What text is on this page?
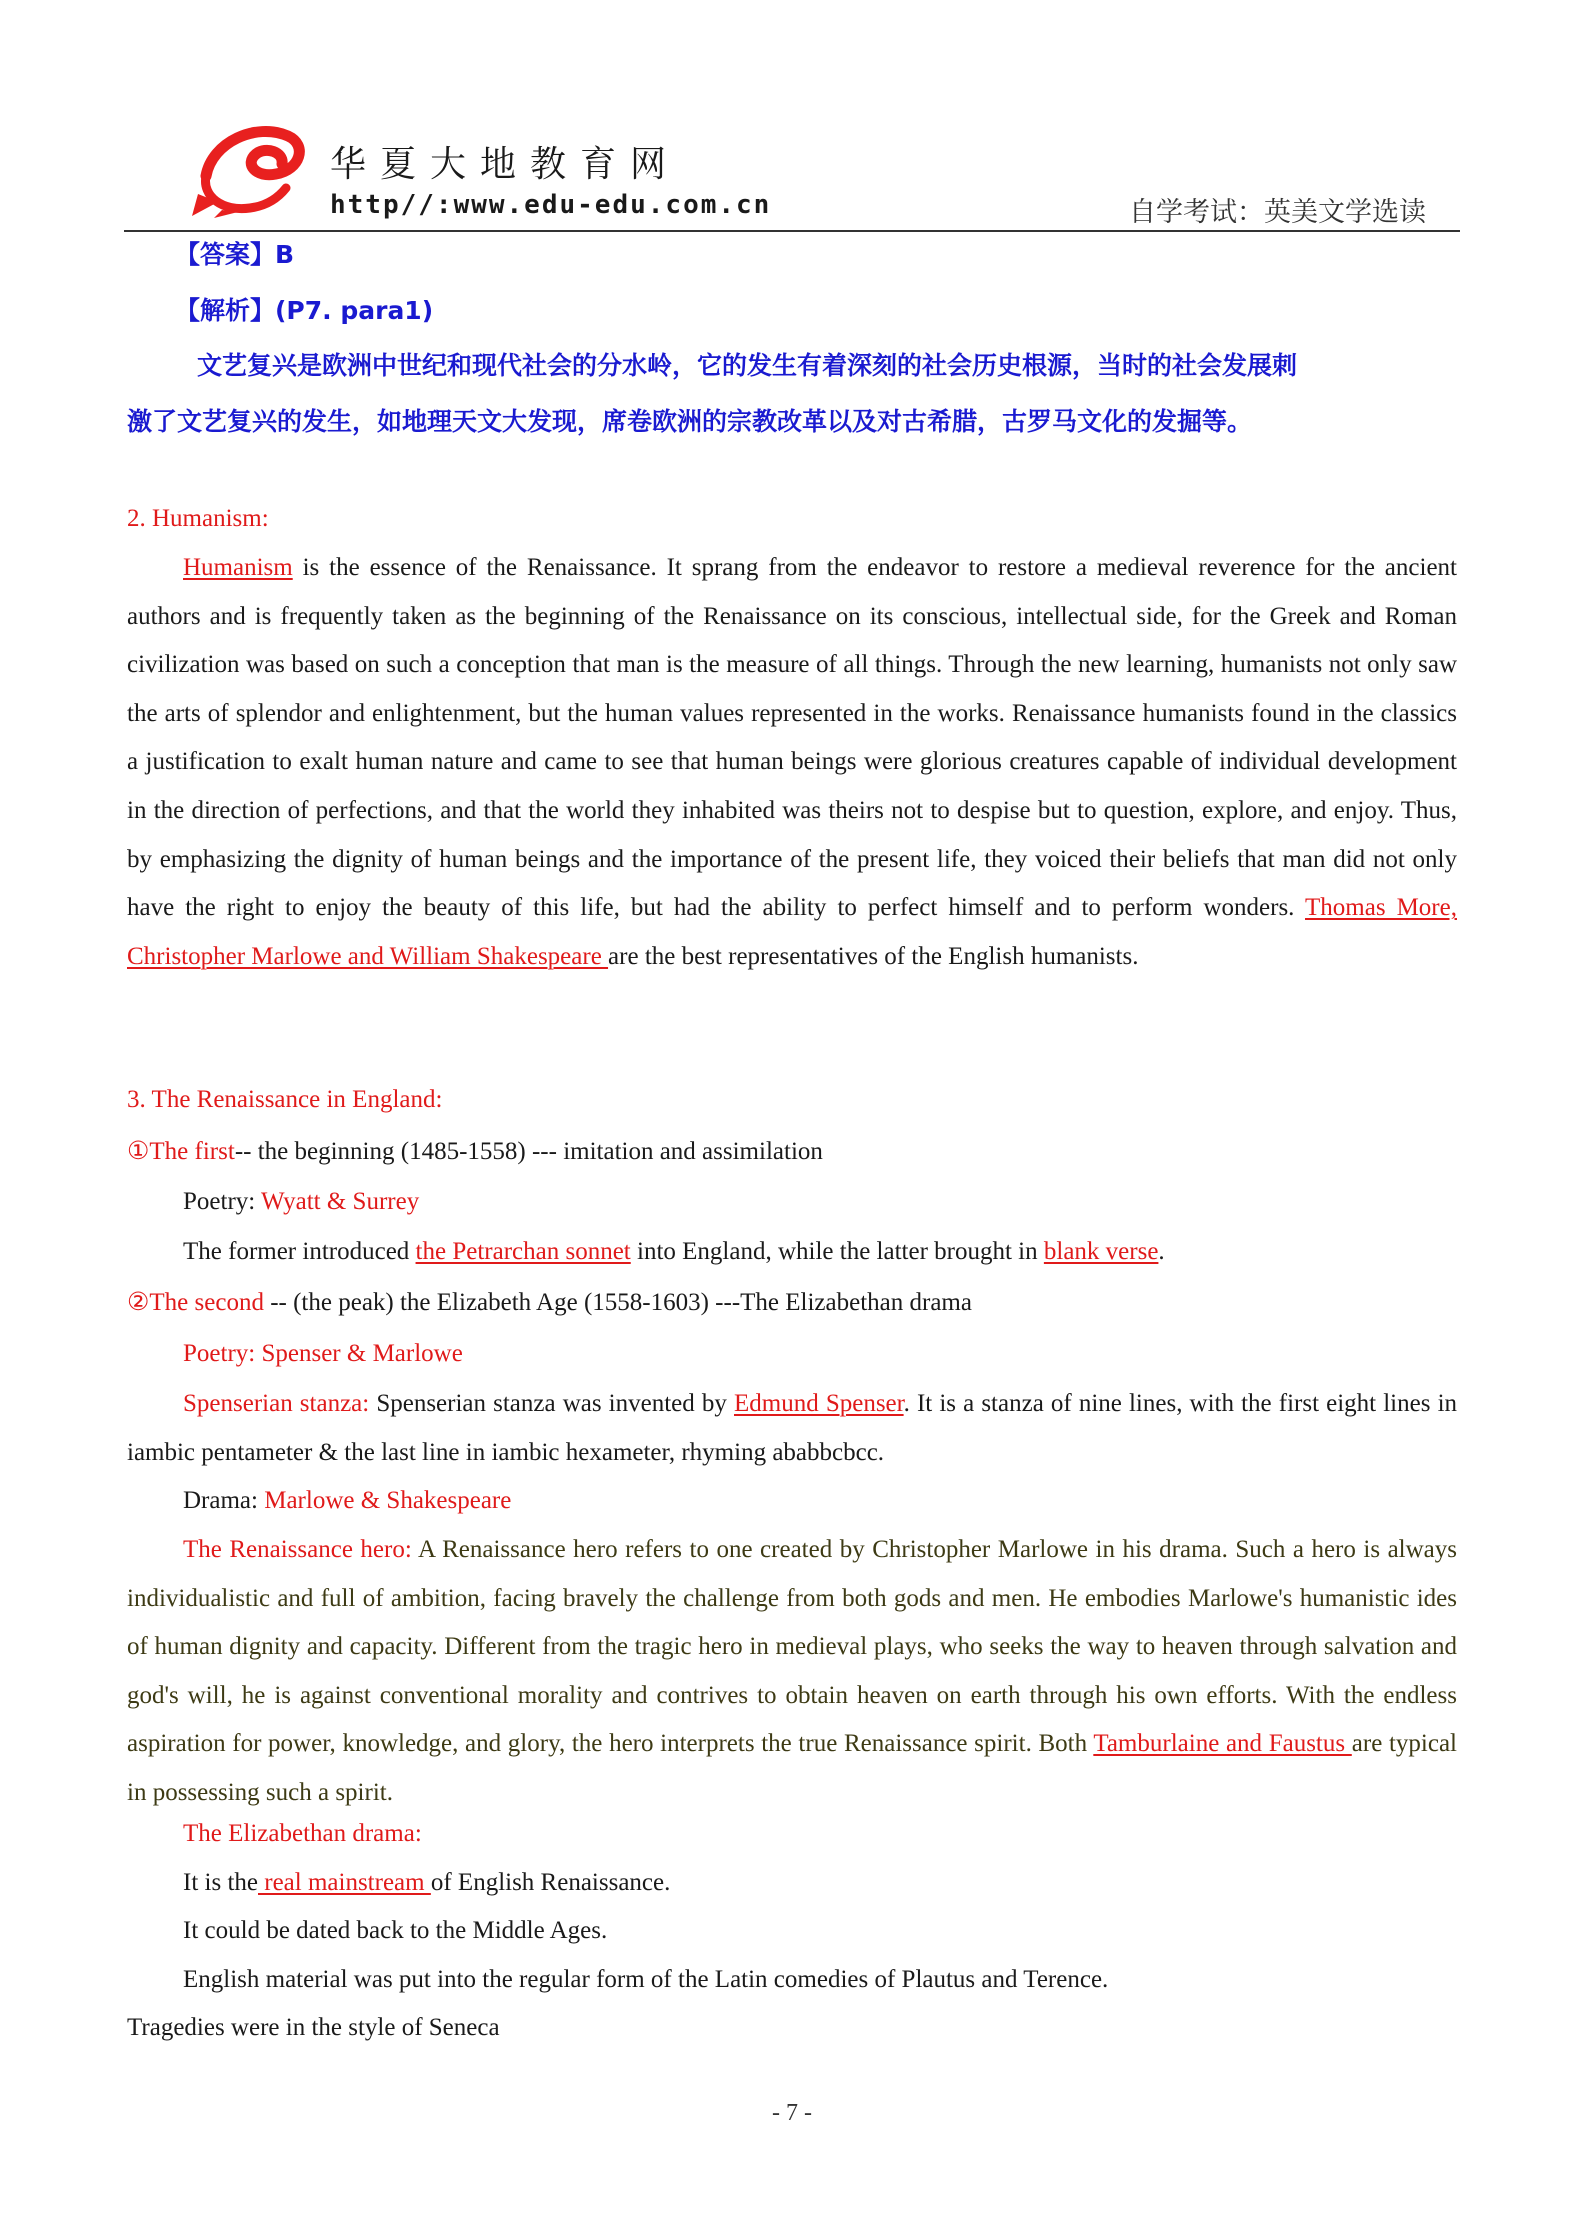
华夏大地教育网
http//:www.edu-edu.com.cn	自学考试：英美文学选读
【答案】B
【解析】(P7. para1)
文艺复兴是欧洲中世纪和现代社会的分水岭，它的发生有着深刻的社会历史根源，当时的社会发展刺
激了文艺复兴的发生，如地理天文大发现，席卷欧洲的宗教改革以及对古希腊，古罗马文化的发掘等。
2. Humanism:
Humanism is the essence of the Renaissance. It sprang from the endeavor to restore a medieval reverence for the ancient authors and is frequently taken as the beginning of the Renaissance on its conscious, intellectual side, for the Greek and Roman civilization was based on such a conception that man is the measure of all things. Through the new learning, humanists not only saw the arts of splendor and enlightenment, but the human values represented in the works. Renaissance humanists found in the classics a justification to exalt human nature and came to see that human beings were glorious creatures capable of individual development in the direction of perfections, and that the world they inhabited was theirs not to despise but to question, explore, and enjoy. Thus, by emphasizing the dignity of human beings and the importance of the present life, they voiced their beliefs that man did not only have the right to enjoy the beauty of this life, but had the ability to perfect himself and to perform wonders. Thomas More, Christopher Marlowe and William Shakespeare are the best representatives of the English humanists.
3. The Renaissance in England:
①The first-- the beginning (1485-1558) --- imitation and assimilation
Poetry: Wyatt & Surrey
The former introduced the Petrarchan sonnet into England, while the latter brought in blank verse.
②The second -- (the peak) the Elizabeth Age (1558-1603) ---The Elizabethan drama
Poetry: Spenser & Marlowe
Spenserian stanza: Spenserian stanza was invented by Edmund Spenser. It is a stanza of nine lines, with the first eight lines in iambic pentameter & the last line in iambic hexameter, rhyming ababbcbcc.
Drama: Marlowe & Shakespeare
The Renaissance hero: A Renaissance hero refers to one created by Christopher Marlowe in his drama. Such a hero is always individualistic and full of ambition, facing bravely the challenge from both gods and men. He embodies Marlowe's humanistic ides of human dignity and capacity. Different from the tragic hero in medieval plays, who seeks the way to heaven through salvation and god's will, he is against conventional morality and contrives to obtain heaven on earth through his own efforts. With the endless aspiration for power, knowledge, and glory, the hero interprets the true Renaissance spirit. Both Tamburlaine and Faustus are typical in possessing such a spirit.
The Elizabethan drama:
It is the real mainstream of English Renaissance.
It could be dated back to the Middle Ages.
English material was put into the regular form of the Latin comedies of Plautus and Terence.
Tragedies were in the style of Seneca
- 7 -
